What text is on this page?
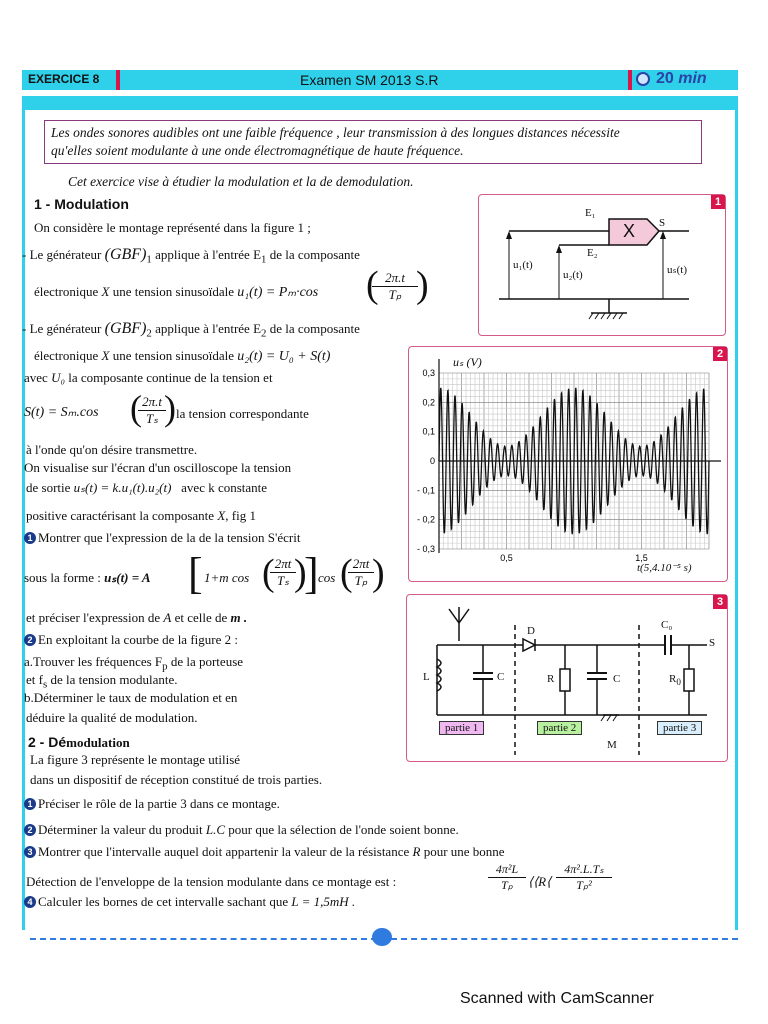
EXERCICE 8	Examen SM 2013 S.R	20 min
Les ondes sonores audibles ont une faible fréquence , leur transmission à des longues distances nécessite
qu'elles soient modulante à une onde électromagnétique de haute fréquence.
Cet exercice vise à étudier la modulation et la de demodulation.
1 - Modulation
On considère le montage représenté dans la figure 1 ;
- Le générateur $(GBF)_1$ applique à l'entrée $E_1$ de la composante
électronique X une tension sinusoïdale u₁(t) = Pₘ·cos	$\frac{2\pi.t}{\text{Tₚ}}$
( )
- Le générateur $(GBF)_2$ applique à l'entrée $E_2$ de la composante
électronique X une tension sinusoïdale u₂(t) = U₀ + S(t)
avec U₀ la composante continue de la tension et
S(t) = Sₘ.cos (
$\frac{2\pi.t}{\text{Tₛ}}$
) la tension correspondante
à l'onde qu'on désire transmettre.
On visualise sur l'écran d'un oscilloscope la tension
de sortie uₛ(t) = k.u₁(t).u₂(t) avec k constante
positive caractérisant la composante X, fig 1
1 Montrer que l'expression de la de la tension S'écrit
sous la forme : uₛ(t) = A [ 1+m cos (
$\frac{2\pi t}{\text{Tₛ}}$
)
] cos (
$\frac{2\pi t}{\text{Tₚ}}$
)
et préciser l'expression de A et celle de m .
2 En exploitant la courbe de la figure 2 :
a.Trouver les fréquences $F_p$ de la porteuse
et $f_s$ de la tension modulante.
b.Déterminer le taux de modulation et en
déduire la qualité de modulation.
2 - Démodulation
La figure 3 représente le montage utilisé
dans un dispositif de réception constitué de trois parties.
1 Préciser le rôle de la partie 3 dans ce montage.
2 Déterminer la valeur du produit L.C pour que la sélection de l'onde soient bonne.
3 Montrer que l'intervalle auquel doit appartenir la valeur de la résistance R pour une bonne
Détection de l'enveloppe de la tension modulante dans ce montage est :	$\frac{\text{4π²L}}{\text{Tₚ}}$ ⟨⟨R⟨ $\frac{\text{4π².L.Tₛ}}{\text{Tₚ²}}$
4 Calculer les bornes de cet intervalle sachant que L = 1,5mH .
1
X
E₁
E₂
S
u₁(t)
u₂(t)	uₛ(t)
2
0,3
0,2
0,1
0
- 0,1
- 0,2
- 0,3
0,5	1,5
uₛ (V)
t(5,4.10⁻⁵ s)
3
D	C₀
S
L	C	R	C	$R_0$
M
partie 1	partie 2	partie 3
Scanned with CamScanner
